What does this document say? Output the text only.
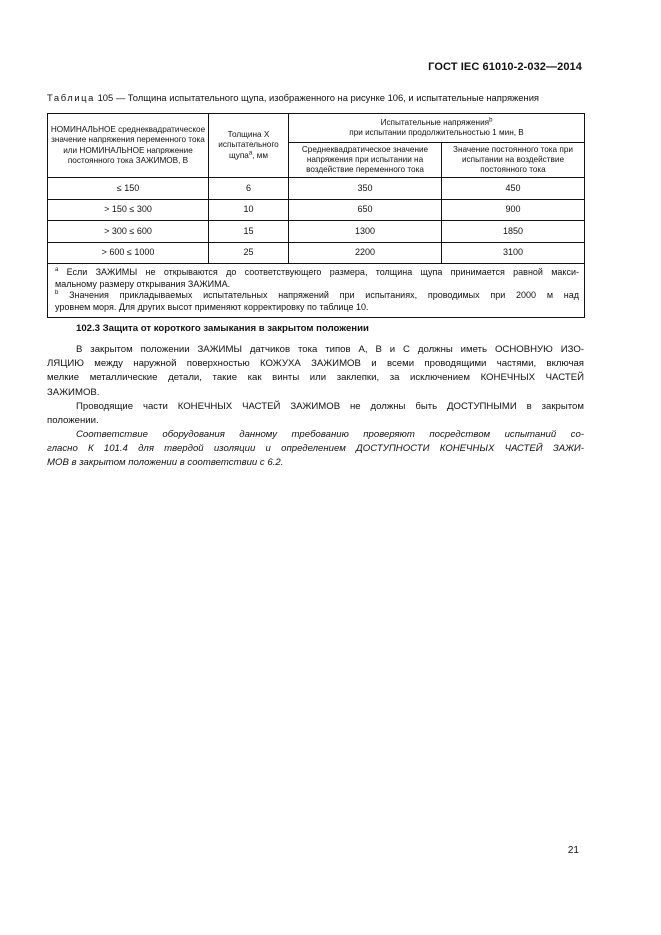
ГОСТ IEC 61010-2-032—2014
Таблица 105 — Толщина испытательного щупа, изображенного на рисунке 106, и испытательные напряжения
НОМИНАЛЬНОЕ среднеквадратическое значение напряжения переменного тока или НОМИНАЛЬНОЕ напряжение постоянного тока ЗАЖИМОВ, В	Толщина X испытательного щупа$^a$, мм	Испытательные напряжения$^b$
при испытании продолжительностью 1 мин, В	
		Среднеквадратическое значение напряжения при испытании на воздействие переменного тока	Значение постоянного тока при испытании на воздействие постоянного тока
≤ 150	6	350	450
> 150 ≤ 300	10	650	900
> 300 ≤ 600	15	1300	1850
> 600 ≤ 1000	25	2200	3100

$^a$ Если ЗАЖИМЫ не открываются до соответствующего размера, толщина щупа принимается равной макси-
мальному размеру открывания ЗАЖИМА.
$^b$ Значения прикладываемых испытательных напряжений при испытаниях, проводимых при 2000 м над
уровнем моря. Для других высот применяют корректировку по таблице 10.			
102.3 Защита от короткого замыкания в закрытом положении
В закрытом положении ЗАЖИМЫ датчиков тока типов А, В и С должны иметь ОСНОВНУЮ ИЗО-
ЛЯЦИЮ между наружной поверхностью КОЖУХА ЗАЖИМОВ и всеми проводящими частями, включая
мелкие металлические детали, такие как винты или заклепки, за исключением КОНЕЧНЫХ ЧАСТЕЙ
ЗАЖИМОВ.
Проводящие части КОНЕЧНЫХ ЧАСТЕЙ ЗАЖИМОВ не должны быть ДОСТУПНЫМИ в закрытом
положении.
Соответствие оборудования данному требованию проверяют посредством испытаний со-
гласно К 101.4 для твердой изоляции и определением ДОСТУПНОСТИ КОНЕЧНЫХ ЧАСТЕЙ ЗАЖИ-
МОВ в закрытом положении в соответствии с 6.2.
21
